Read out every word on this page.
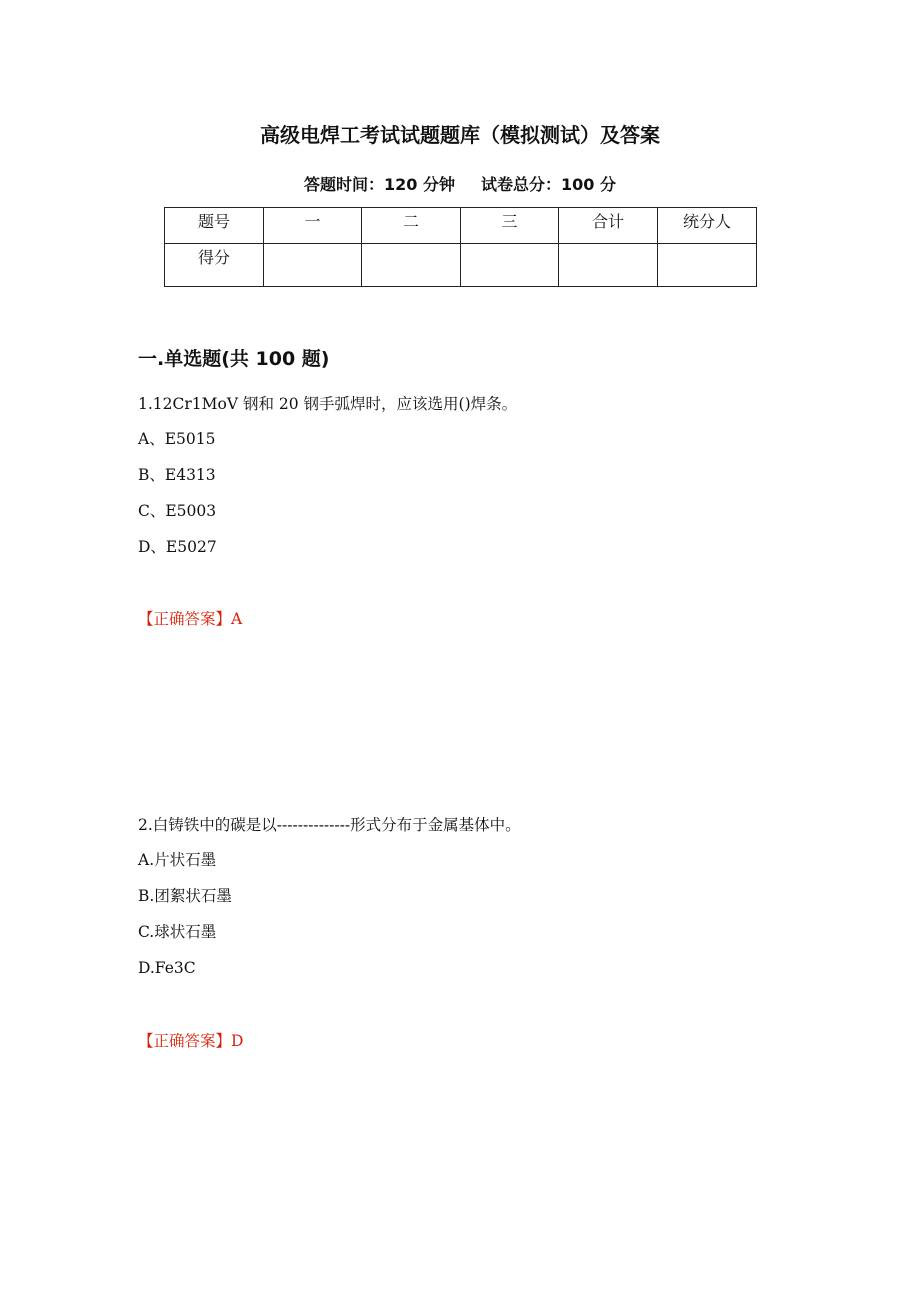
高级电焊工考试试题题库（模拟测试）及答案
答题时间：120 分钟 试卷总分：100 分
题号	一	二	三	合计	统分人
得分					
一.单选题(共 100 题)
1.12Cr1MoV 钢和 20 钢手弧焊时，应该选用()焊条。
A、E5015
B、E4313
C、E5003
D、E5027
【正确答案】A
2.白铸铁中的碳是以--------------形式分布于金属基体中。
A.片状石墨
B.团絮状石墨
C.球状石墨
D.Fe3C
【正确答案】D
